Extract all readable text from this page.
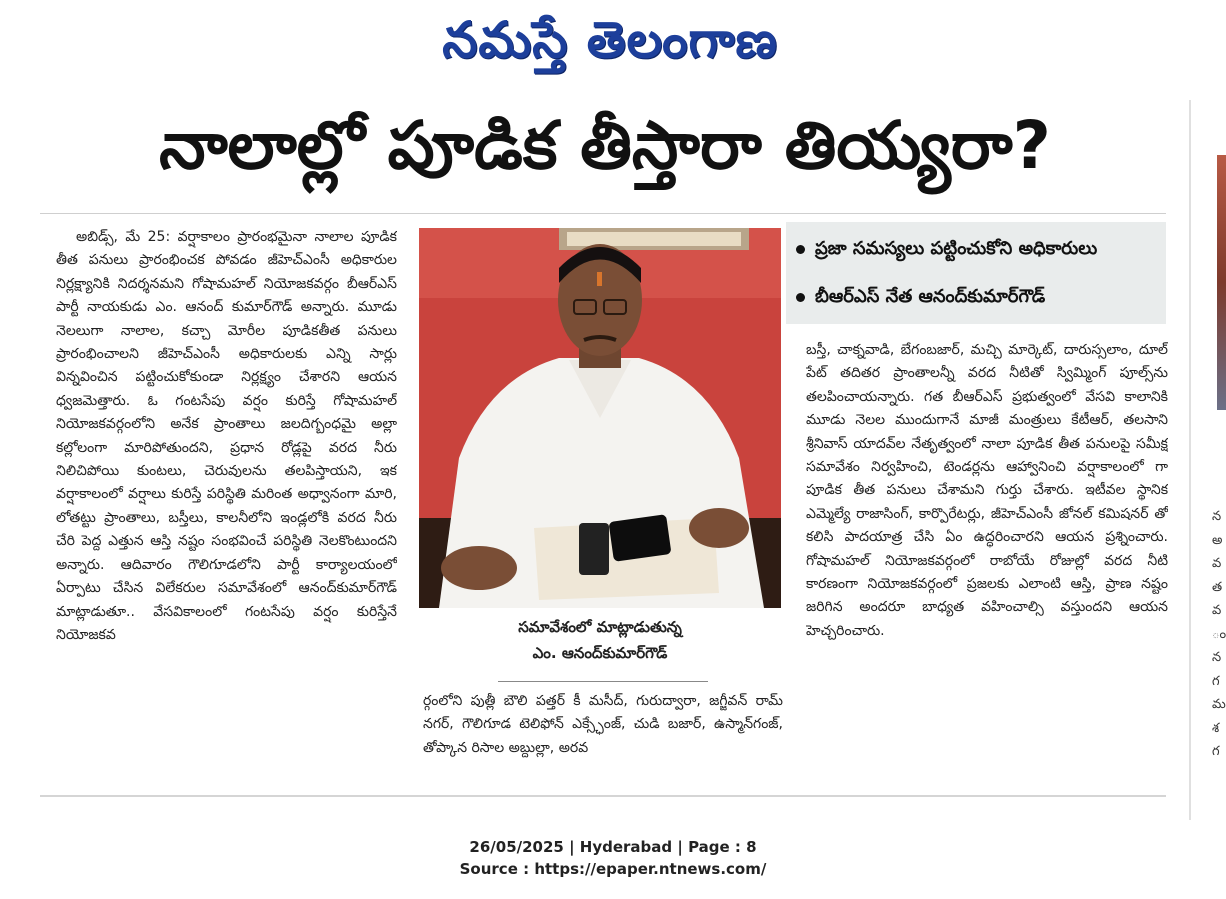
నమస్తే తెలంగాణ
నాలాల్లో పూడిక తీస్తారా తియ్యరా?

అబిడ్స్, మే 25: వర్షాకాలం ప్రారంభమైనా నాలాల పూడిక తీత పనులు ప్రారంభించక పోవడం జీహెచ్ఎంసీ అధికారుల నిర్లక్ష్యానికి నిదర్శనమని గోషామహల్ నియోజకవర్గం బీఆర్ఎస్ పార్టీ నాయకుడు ఎం. ఆనంద్ కుమార్‌గౌడ్ అన్నారు. మూడు నెలలుగా నాలాల, కచ్చా మోరీల పూడికతీత పనులు ప్రారంభించాలని జీహెచ్ఎంసీ అధికారులకు ఎన్ని సార్లు విన్నవించిన పట్టించుకోకుండా నిర్లక్ష్యం చేశారని ఆయన ధ్వజమెత్తారు. ఓ గంటసేపు వర్షం కురిస్తే గోషామహల్ నియోజకవర్గంలోని అనేక ప్రాంతాలు జలదిగ్బంధమై అల్లా కల్లోలంగా మారిపోతుందని, ప్రధాన రోడ్లపై వరద నీరు నిలిచిపోయి కుంటలు, చెరువులను తలపిస్తాయని, ఇక వర్షాకాలంలో వర్షాలు కురిస్తే పరిస్థితి మరింత అధ్వానంగా మారి, లోతట్టు ప్రాంతాలు, బస్తీలు, కాలనీలోని ఇండ్లలోకి వరద నీరు చేరి పెద్ద ఎత్తున ఆస్తి నష్టం సంభవించే పరిస్థితి నెలకొంటుందని అన్నారు. ఆదివారం గౌలిగూడలోని పార్టీ కార్యాలయంలో ఏర్పాటు చేసిన విలేకరుల సమావేశంలో ఆనంద్‌కుమార్‌గౌడ్ మాట్లాడుతూ.. వేసవికాలంలో గంటసేపు వర్షం కురిస్తేనే నియోజకవ	సమావేశంలో మాట్లాడుతున్న
ఎం. ఆనంద్‌కుమార్‌గౌడ్

ర్గంలోని పుత్లీ బౌలి పత్తర్ కీ మసీద్, గురుద్వారా, జగ్జీవన్ రామ్ నగర్, గౌలిగూడ టెలిఫోన్ ఎక్స్ఛేంజ్, చుడి బజార్, ఉస్మాన్‌గంజ్, తోప్కాన రిసాల అబ్దుల్లా, అరవ

ప్రజా సమస్యలు పట్టించుకోని అధికారులు
బీఆర్ఎస్ నేత ఆనంద్‌కుమార్‌గౌడ్

బస్తీ, చాక్నవాడి, బేగంబజార్, మచ్చి మార్కెట్, దారుస్సలాం, దూల్ పేట్ తదితర ప్రాంతాలన్నీ వరద నీటితో స్విమ్మింగ్ పూల్స్‌ను తలపించాయన్నారు. గత బీఆర్ఎస్ ప్రభుత్వంలో వేసవి కాలానికి మూడు నెలల ముందుగానే మాజీ మంత్రులు కేటీఆర్, తలసాని శ్రీనివాస్ యాదవ్‌ల నేతృత్వంలో నాలా పూడిక తీత పనులపై సమీక్ష సమావేశం నిర్వహించి, టెండర్లను ఆహ్వానించి వర్షాకాలంలో గా పూడిక తీత పనులు చేశామని గుర్తు చేశారు. ఇటీవల స్థానిక ఎమ్మెల్యే రాజాసింగ్, కార్పొరేటర్లు, జీహెచ్ఎంసీ జోనల్ కమిషనర్ తో కలిసి పాదయాత్ర చేసి ఏం ఉద్ధరించారని ఆయన ప్రశ్నించారు. గోషామహల్ నియోజకవర్గంలో రాబోయే రోజుల్లో వరద నీటి కారణంగా నియోజకవర్గంలో ప్రజలకు ఎలాంటి ఆస్తి, ప్రాణ నష్టం జరిగిన అందరూ బాధ్యత వహించాల్సి వస్తుందని ఆయన హెచ్చరించారు.

26/05/2025 | Hyderabad | Page : 8
Source : https://epaper.ntnews.com/
న
అ
వ
త
వ
ం
న
గ
మ
శ
గ
